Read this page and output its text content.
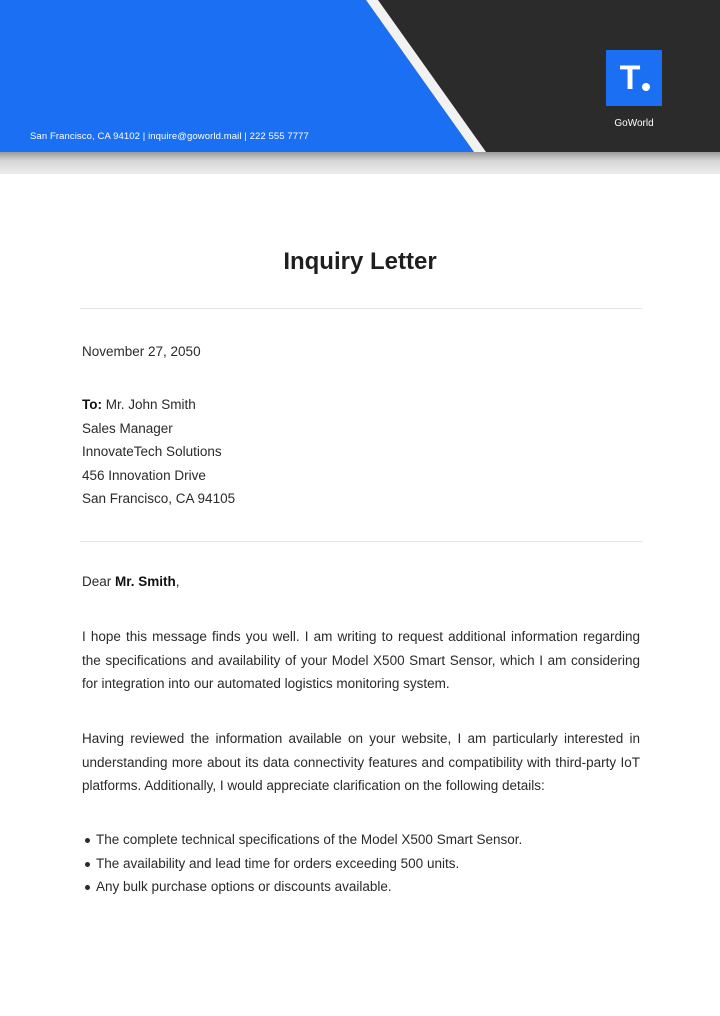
San Francisco, CA 94102 | inquire@goworld.mail | 222 555 7777
T
GoWorld
Inquiry Letter
November 27, 2050
To: Mr. John Smith
Sales Manager
InnovateTech Solutions
456 Innovation Drive
San Francisco, CA 94105
Dear Mr. Smith,
I hope this message finds you well. I am writing to request additional information regarding the specifications and availability of your Model X500 Smart Sensor, which I am considering for integration into our automated logistics monitoring system.
Having reviewed the information available on your website, I am particularly interested in understanding more about its data connectivity features and compatibility with third-party IoT platforms. Additionally, I would appreciate clarification on the following details:
The complete technical specifications of the Model X500 Smart Sensor.
The availability and lead time for orders exceeding 500 units.
Any bulk purchase options or discounts available.
